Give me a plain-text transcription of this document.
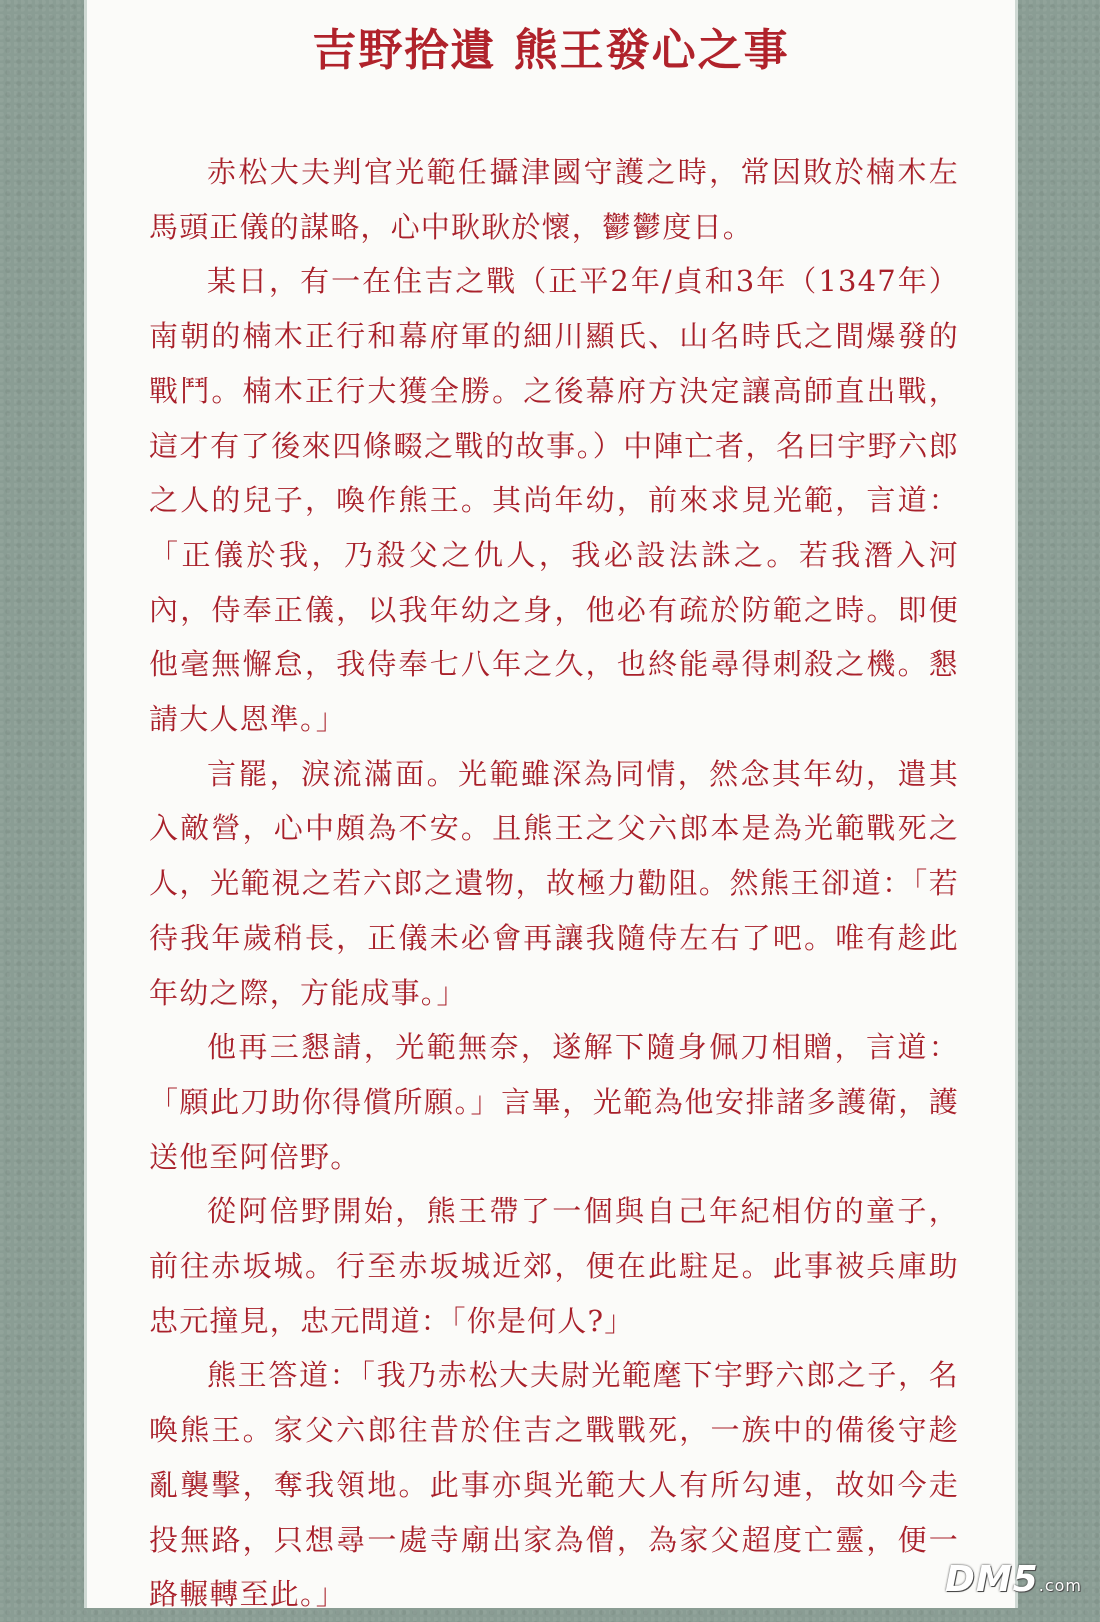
吉野拾遺 熊王發心之事

赤松大夫判官光範任攝津國守護之時，常因敗於楠木左馬頭正儀的謀略，心中耿耿於懷，鬱鬱度日。

某日，有一在住吉之戰（正平2年/貞和3年（1347年）南朝的楠木正行和幕府軍的細川顯氏、山名時氏之間爆發的戰鬥。楠木正行大獲全勝。之後幕府方決定讓高師直出戰，這才有了後來四條畷之戰的故事。）中陣亡者，名曰宇野六郎之人的兒子，喚作熊王。其尚年幼，前來求見光範，言道：「正儀於我，乃殺父之仇人，我必設法誅之。若我潛入河內，侍奉正儀，以我年幼之身，他必有疏於防範之時。即便他毫無懈怠，我侍奉七八年之久，也終能尋得刺殺之機。懇請大人恩準。」

言罷，淚流滿面。光範雖深為同情，然念其年幼，遣其入敵營，心中頗為不安。且熊王之父六郎本是為光範戰死之人，光範視之若六郎之遺物，故極力勸阻。然熊王卻道：「若待我年歲稍長，正儀未必會再讓我隨侍左右了吧。唯有趁此年幼之際，方能成事。」

他再三懇請，光範無奈，遂解下隨身佩刀相贈，言道：「願此刀助你得償所願。」言畢，光範為他安排諸多護衛，護送他至阿倍野。

從阿倍野開始，熊王帶了一個與自己年紀相仿的童子，前往赤坂城。行至赤坂城近郊，便在此駐足。此事被兵庫助忠元撞見，忠元問道：「你是何人?」

熊王答道：「我乃赤松大夫尉光範麾下宇野六郎之子，名喚熊王。家父六郎往昔於住吉之戰戰死，一族中的備後守趁亂襲擊，奪我領地。此事亦與光範大人有所勾連，故如今走投無路，只想尋一處寺廟出家為僧，為家父超度亡靈，便一路輾轉至此。」	DM5.com
